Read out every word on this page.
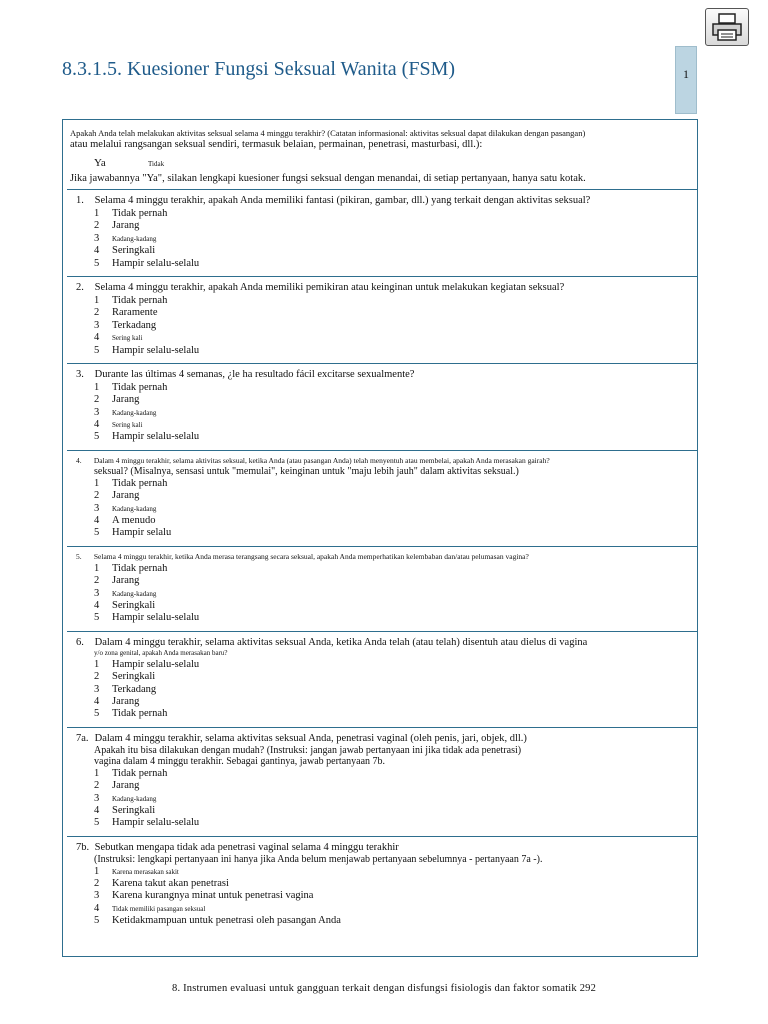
1
8.3.1.5. Kuesioner Fungsi Seksual Wanita (FSM)
Apakah Anda telah melakukan aktivitas seksual selama 4 minggu terakhir? (Catatan informasional: aktivitas seksual dapat dilakukan dengan pasangan)
atau melalui rangsangan seksual sendiri, termasuk belaian, permainan, penetrasi, masturbasi, dll.):
Ya	Tidak
Jika jawabannya "Ya", silakan lengkapi kuesioner fungsi seksual dengan menandai, di setiap pertanyaan, hanya satu kotak.
1. Selama 4 minggu terakhir, apakah Anda memiliki fantasi (pikiran, gambar, dll.) yang terkait dengan aktivitas seksual?
1	Tidak pernah
2	Jarang
3	Kadang-kadang
4	Seringkali
5	Hampir selalu-selalu
2. Selama 4 minggu terakhir, apakah Anda memiliki pemikiran atau keinginan untuk melakukan kegiatan seksual?
1	Tidak pernah
2	Raramente
3	Terkadang
4	Sering kali
5	Hampir selalu-selalu
3. Durante las últimas 4 semanas, ¿le ha resultado fácil excitarse sexualmente?
1	Tidak pernah
2	Jarang
3	Kadang-kadang
4	Sering kali
5	Hampir selalu-selalu
4. Dalam 4 minggu terakhir, selama aktivitas seksual, ketika Anda (atau pasangan Anda) telah menyentuh atau membelai, apakah Anda merasakan gairah?
seksual? (Misalnya, sensasi untuk "memulai", keinginan untuk "maju lebih jauh" dalam aktivitas seksual.)
1	Tidak pernah
2	Jarang
3	Kadang-kadang
4	A menudo
5	Hampir selalu
5. Selama 4 minggu terakhir, ketika Anda merasa terangsang secara seksual, apakah Anda memperhatikan kelembaban dan/atau pelumasan vagina?
1	Tidak pernah
2	Jarang
3	Kadang-kadang
4	Seringkali
5	Hampir selalu-selalu
6. Dalam 4 minggu terakhir, selama aktivitas seksual Anda, ketika Anda telah (atau telah) disentuh atau dielus di vagina
y/o zona genital, apakah Anda merasakan baru?
1	Hampir selalu-selalu
2	Seringkali
3	Terkadang
4	Jarang
5	Tidak pernah
7a. Dalam 4 minggu terakhir, selama aktivitas seksual Anda, penetrasi vaginal (oleh penis, jari, objek, dll.)
Apakah itu bisa dilakukan dengan mudah? (Instruksi: jangan jawab pertanyaan ini jika tidak ada penetrasi)
vagina dalam 4 minggu terakhir. Sebagai gantinya, jawab pertanyaan 7b.
1	Tidak pernah
2	Jarang
3	Kadang-kadang
4	Seringkali
5	Hampir selalu-selalu
7b. Sebutkan mengapa tidak ada penetrasi vaginal selama 4 minggu terakhir
(Instruksi: lengkapi pertanyaan ini hanya jika Anda belum menjawab pertanyaan sebelumnya - pertanyaan 7a -).
1	Karena merasakan sakit
2	Karena takut akan penetrasi
3	Karena kurangnya minat untuk penetrasi vagina
4	Tidak memiliki pasangan seksual
5	Ketidakmampuan untuk penetrasi oleh pasangan Anda
8. Instrumen evaluasi untuk gangguan terkait dengan disfungsi fisiologis dan faktor somatik 292
